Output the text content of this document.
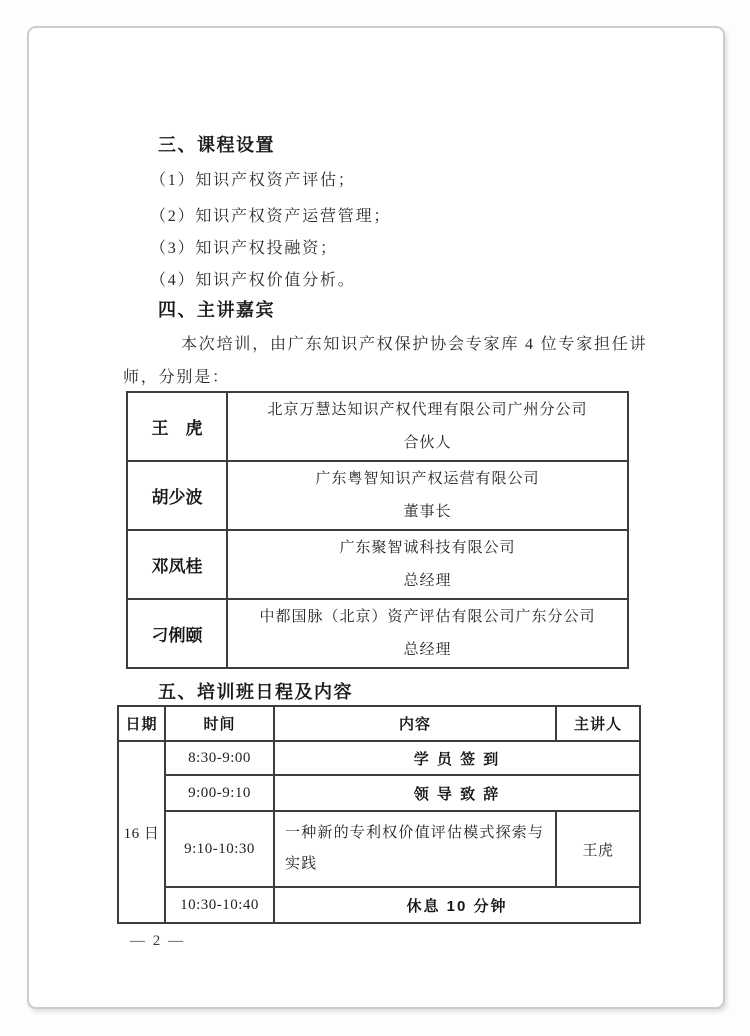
三、课程设置
（1）知识产权资产评估；
（2）知识产权资产运营管理；
（3）知识产权投融资；
（4）知识产权价值分析。
四、主讲嘉宾
本次培训，由广东知识产权保护协会专家库 4 位专家担任讲
师，分别是：
王　虎	北京万慧达知识产权代理有限公司广州分公司
合伙人

胡少波	广东粤智知识产权运营有限公司
董事长

邓凤桂	广东聚智诚科技有限公司
总经理

刁俐颐	中都国脉（北京）资产评估有限公司广东分公司
总经理
五、培训班日程及内容
日期	时间	内容	主讲人
16 日	8:30-9:00	学 员 签 到	
	9:00-9:10	领 导 致 辞	
	9:10-10:30	一种新的专利权价值评估模式探索与实践	王虎
	10:30-10:40	休息 10 分钟	
— 2 —
